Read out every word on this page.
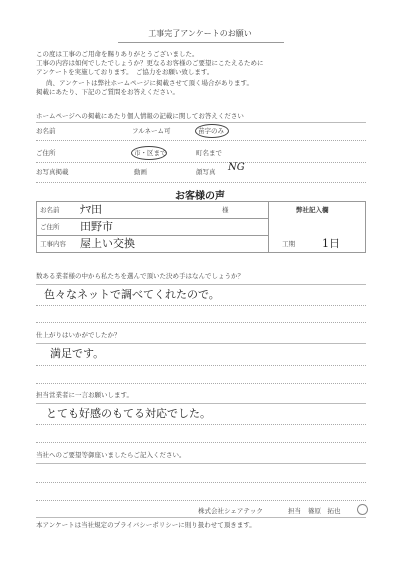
工事完了アンケートのお願い
この度は工事のご用命を賜りありがとうございました。
工事の内容は如何でしたでしょうか？更なるお客様のご要望にこたえるために
アンケートを実施しております。　ご協力をお願い致します。
尚、アンケートは弊社ホームページに掲載させて頂く場合があります。
掲載にあたり、下記のご質問をお答えください。
ホームページへの掲載にあたり個人情報の記載に関してお答えください
お名前	フルネーム可	苗字のみ
ご住所	市・区まで	町名まで
お写真掲載	動画	顔写真 NG
お客様の声
お名前 ﾅﾏ田	様	弊社記入欄
ご住所 田野市
工事内容 屋上い交換	工期 1日
数ある業者様の中から私たちを選んで頂いた決め手はなんでしょうか？
色々なネットで調べてくれたので。
仕上がりはいかがでしたか？
満足です。
担当営業者に一言お願いします。
とても好感のもてる対応でした。
当社へのご要望等御座いましたらご記入ください。
株式会社シェアテック	担当 篠原　拓也
本アンケートは当社規定のプライバシーポリシーに則り扱わせて頂きます。
